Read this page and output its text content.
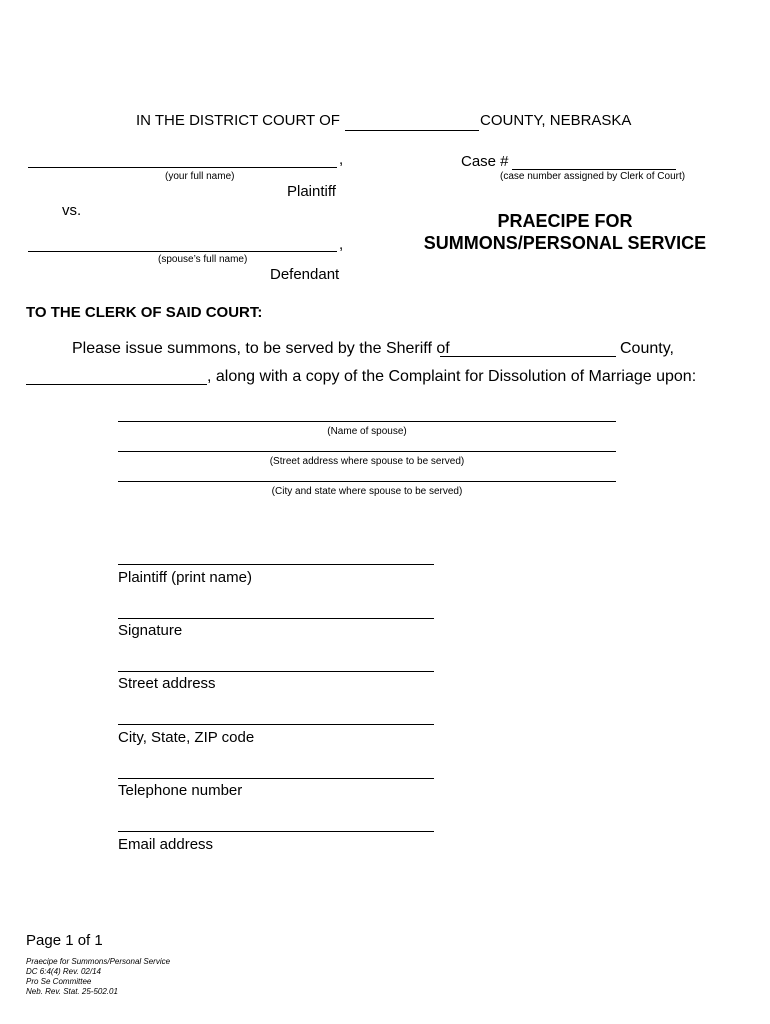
IN THE DISTRICT COURT OF	COUNTY, NEBRASKA
,
(your full name)
Plaintiff
Case #
(case number assigned by Clerk of Court)
vs.
PRAECIPE FOR
SUMMONS/PERSONAL SERVICE
,
(spouse’s full name)
Defendant
TO THE CLERK OF SAID COURT:
Please issue summons, to be served by the Sheriff of	County,
, along with a copy of the Complaint for Dissolution of Marriage upon:
(Name of spouse)
(Street address where spouse to be served)
(City and state where spouse to be served)
Plaintiff (print name)
Signature
Street address
City, State, ZIP code
Telephone number
Email address
Page 1 of 1
Praecipe for Summons/Personal Service
DC 6:4(4) Rev. 02/14
Pro Se Committee
Neb. Rev. Stat. 25-502.01
